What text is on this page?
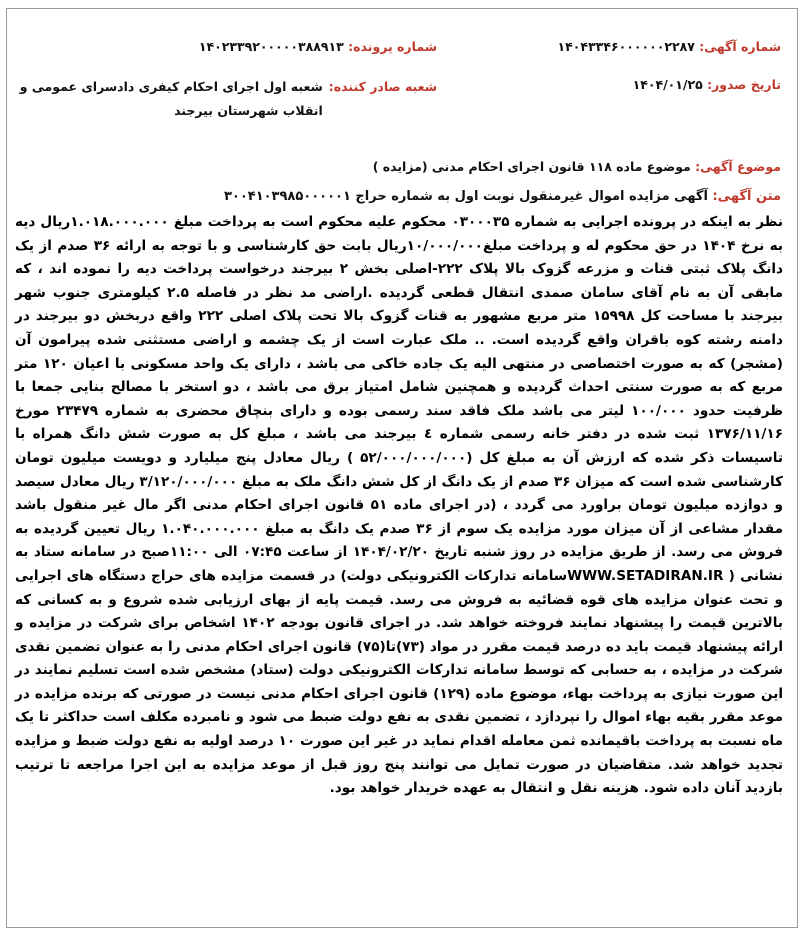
شماره آگهی: ۱۴۰۴۳۳۴۶۰۰۰۰۰۰۲۲۸۷
شماره پرونده: ۱۴۰۲۳۳۹۲۰۰۰۰۰۳۸۸۹۱۳
تاریخ صدور: ۱۴۰۴/۰۱/۲۵
شعبه صادر کننده:
شعبه اول اجرای احکام کیفری دادسرای عمومی و انقلاب شهرستان بیرجند
موضوع آگهی: موضوع ماده ۱۱۸ قانون اجرای احکام مدنی (مزایده )
متن آگهی: آگهی مزایده اموال غیرمنقول نوبت اول به شماره حراج ۳۰۰۴۱۰۳۹۸۵۰۰۰۰۰۱
نظر به اینکه در پرونده اجرایی به شماره ۰۳۰۰۰۳۵ محکوم علیه محکوم است به پرداخت مبلغ ۱.۰۱۸.۰۰۰.۰۰۰ریال دیه به نرخ ۱۴۰۴ در حق محکوم له و پرداخت مبلغ۱۰/۰۰۰/۰۰۰ریال بابت حق کارشناسی و با توجه به ارائه ۳۶ صدم از یک دانگ پلاک ثبتی قنات و مزرعه گزوک بالا پلاک ۲۲۲-اصلی بخش ۲ بیرجند درخواست پرداخت دیه را نموده اند ، که مابقی آن به نام آقای سامان صمدی انتقال قطعی گردیده .اراضی مد نظر در فاصله ۲.۵ کیلومتری جنوب شهر بیرجند با مساحت کل ۱۵۹۹۸ متر مربع مشهور به قنات گزوک بالا تحت پلاک اصلی ۲۲۲ واقع دربخش دو بیرجند در دامنه رشته کوه باقران واقع گردیده است. .. ملک عبارت است از یک چشمه و اراضی مستثنی شده پیرامون آن (مشجر) که به صورت اختصاصی در منتهی الیه یک جاده خاکی می باشد ، دارای یک واحد مسکونی با اعیان ۱۲۰ متر مربع که به صورت سنتی احداث گردیده و همچنین شامل امتیاز برق می باشد ، دو استخر با مصالح بنایی جمعا با ظرفیت حدود ۱۰۰/۰۰۰ لیتر می باشد ملک فاقد سند رسمی بوده و دارای بنچاق محضری به شماره ۲۳۴۷۹ مورخ ۱۳۷۶/۱۱/۱۶ ثبت شده در دفتر خانه رسمی شماره ٤ بیرجند می باشد ، مبلغ کل به صورت شش دانگ همراه با تاسیسات ذکر شده که ارزش آن به مبلغ کل (۵۲/۰۰۰/۰۰۰/۰۰۰ ) ریال معادل پنج میلیارد و دویست میلیون تومان کارشناسی شده است که میزان ۳۶ صدم از یک دانگ از کل شش دانگ ملک به مبلغ ۳/۱۲۰/۰۰۰/۰۰۰ ریال معادل سیصد و دوازده میلیون تومان براورد می گردد ، (در اجرای ماده ۵۱ قانون اجرای احکام مدنی اگر مال غیر منقول باشد مقدار مشاعی از آن میزان مورد مزایده یک سوم از ۳۶ صدم یک دانگ به مبلغ ۱.۰۴۰.۰۰۰.۰۰۰ ریال تعیین گردیده به فروش می رسد. از طریق مزایده در روز شنبه تاریخ ۱۴۰۴/۰۲/۲۰ از ساعت ۰۷:۴۵ الی ۱۱:۰۰صبح در سامانه ستاد به نشانی ( WWW.SETADIRAN.IRسامانه تدارکات الکترونیکی دولت) در قسمت مزایده های حراج دستگاه های اجرایی و تحت عنوان مزایده های قوه قضائیه به فروش می رسد. قیمت پایه از بهای ارزیابی شده شروع و به کسانی که بالاترین قیمت را پیشنهاد نمایند فروخته خواهد شد. در اجرای قانون بودجه ۱۴۰۲ اشخاص برای شرکت در مزایده و ارائه پیشنهاد قیمت باید ده درصد قیمت مقرر در مواد (۷۳)تا(۷۵) قانون اجرای احکام مدنی را به عنوان تضمین نقدی شرکت در مزایده ، به حسابی که توسط سامانه تدارکات الکترونیکی دولت (ستاد) مشخص شده است تسلیم نمایند در این صورت نیازی به پرداخت بهاء، موضوع ماده (۱۲۹) قانون اجرای احکام مدنی نیست در صورتی که برنده مزایده در موعد مقرر بقیه بهاء اموال را نپردازد ، تضمین نقدی به نفع دولت ضبط می شود و نامبرده مکلف است حداکثر تا یک ماه نسبت به پرداخت باقیمانده ثمن معامله اقدام نماید در غیر این صورت ۱۰ درصد اولیه به نفع دولت ضبط و مزایده تجدید خواهد شد. متقاضیان در صورت تمایل می توانند پنج روز قبل از موعد مزایده به این اجرا مراجعه تا ترتیب بازدید آنان داده شود. هزینه نقل و انتقال به عهده خریدار خواهد بود.
